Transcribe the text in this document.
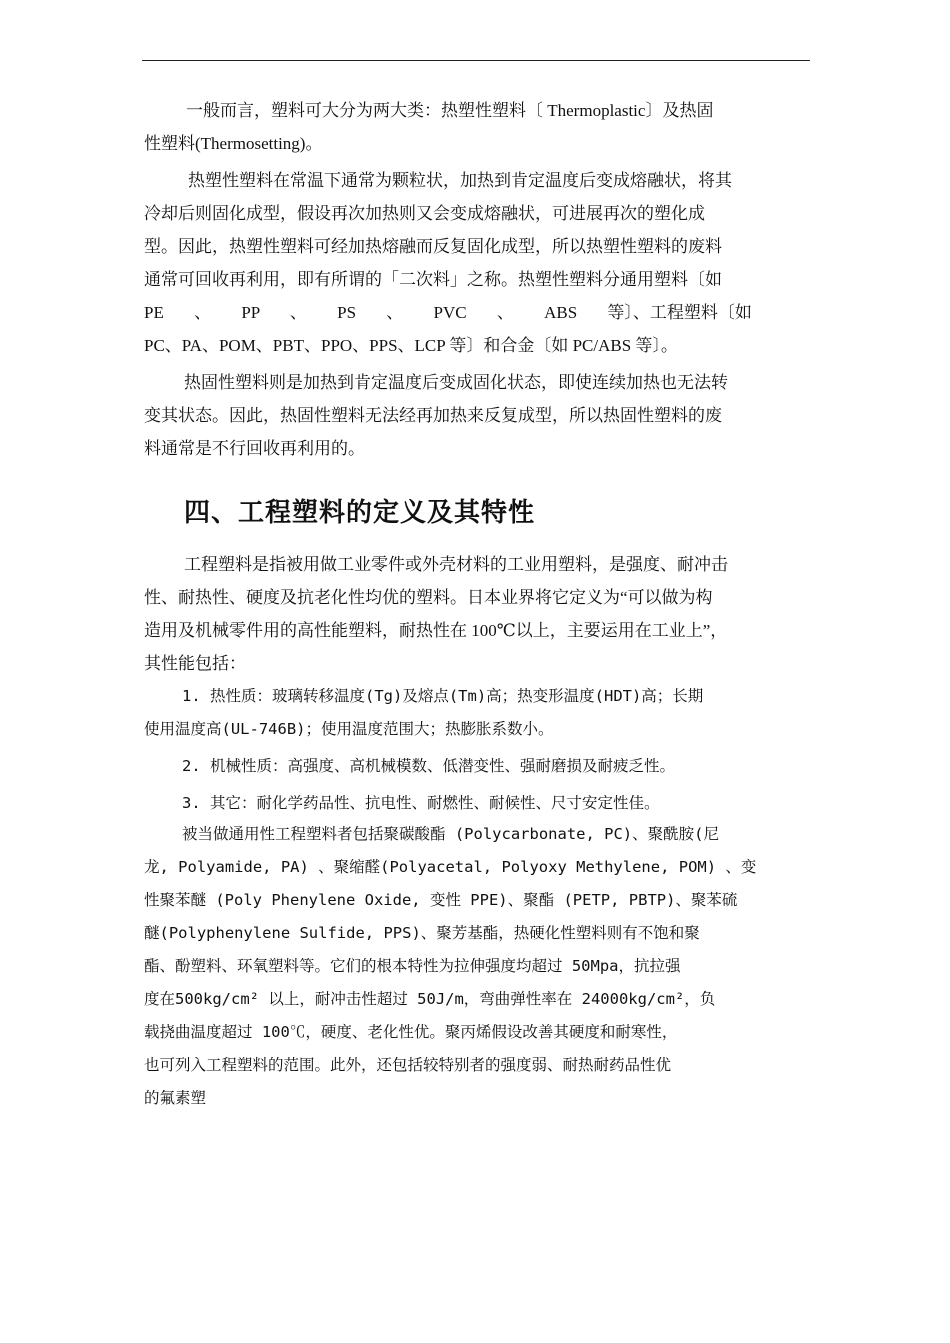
一般而言，塑料可大分为两大类：热塑性塑料〔 Thermoplastic〕及热固
性塑料(Thermosetting)。
热塑性塑料在常温下通常为颗粒状，加热到肯定温度后变成熔融状，将其
冷却后则固化成型，假设再次加热则又会变成熔融状，可进展再次的塑化成
型。因此，热塑性塑料可经加热熔融而反复固化成型，所以热塑性塑料的废料
通常可回收再利用，即有所谓的「二次料」之称。热塑性塑料分通用塑料〔如
PE 、 PP 、 PS 、 PVC 、 ABS 等〕、工程塑料〔如
PC、PA、POM、PBT、PPO、PPS、LCP 等〕和合金〔如 PC/ABS 等〕。
热固性塑料则是加热到肯定温度后变成固化状态，即使连续加热也无法转
变其状态。因此，热固性塑料无法经再加热来反复成型，所以热固性塑料的废
料通常是不行回收再利用的。
四、工程塑料的定义及其特性
工程塑料是指被用做工业零件或外壳材料的工业用塑料，是强度、耐冲击
性、耐热性、硬度及抗老化性均优的塑料。日本业界将它定义为“可以做为构
造用及机械零件用的高性能塑料，耐热性在 100℃以上，主要运用在工业上”，
其性能包括：
1. 热性质：玻璃转移温度(Tg)及熔点(Tm)高；热变形温度(HDT)高；长期
使用温度高(UL-746B)；使用温度范围大；热膨胀系数小。
2. 机械性质：高强度、高机械模数、低潜变性、强耐磨损及耐疲乏性。
3. 其它：耐化学药品性、抗电性、耐燃性、耐候性、尺寸安定性佳。
被当做通用性工程塑料者包括聚碳酸酯 (Polycarbonate, PC)、聚酰胺(尼
龙, Polyamide, PA) 、聚缩醛(Polyacetal, Polyoxy Methylene, POM) 、变
性聚苯醚 (Poly Phenylene Oxide, 变性 PPE)、聚酯 (PETP, PBTP)、聚苯硫
醚(Polyphenylene Sulfide, PPS)、聚芳基酯，热硬化性塑料则有不饱和聚
酯、酚塑料、环氧塑料等。它们的根本特性为拉伸强度均超过 50Mpa，抗拉强
度在500kg/cm² 以上，耐冲击性超过 50J/m，弯曲弹性率在 24000kg/cm²，负
载挠曲温度超过 100℃，硬度、老化性优。聚丙烯假设改善其硬度和耐寒性，
也可列入工程塑料的范围。此外，还包括较特别者的强度弱、耐热耐药品性优
的氟素塑
